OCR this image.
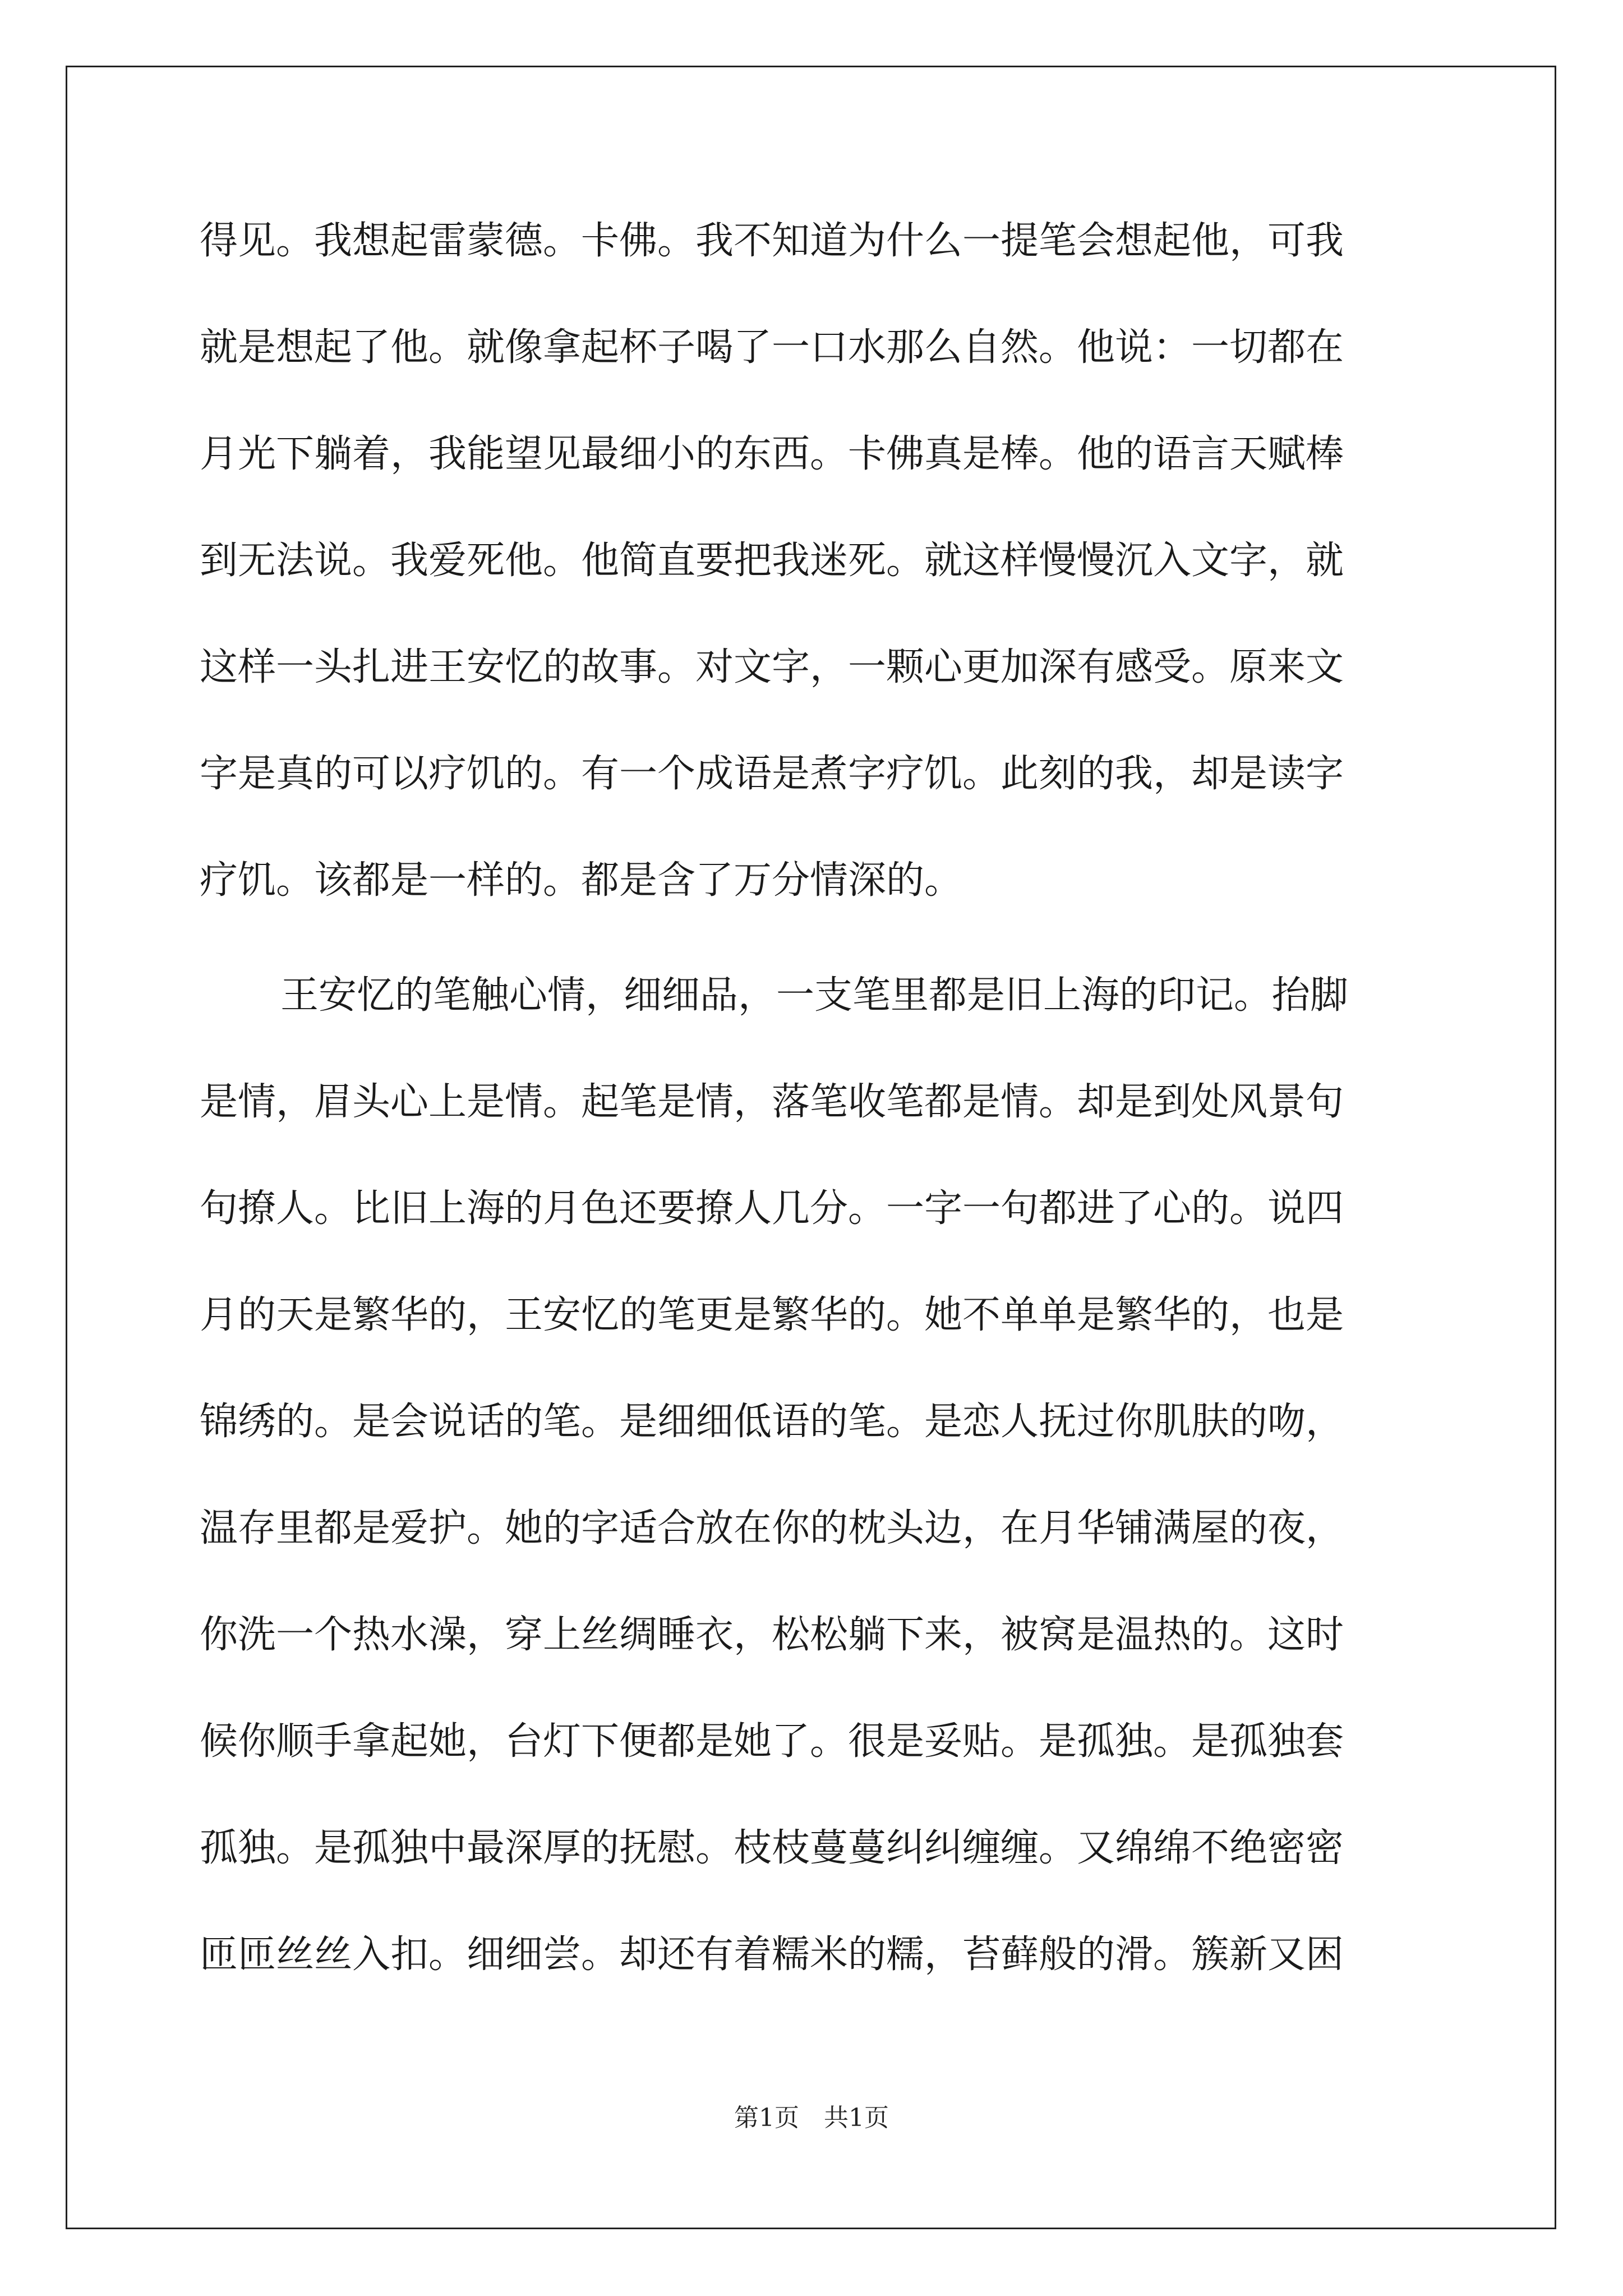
得见。我想起雷蒙德。卡佛。我不知道为什么一提笔会想起他，可我
就是想起了他。就像拿起杯子喝了一口水那么自然。他说：一切都在
月光下躺着，我能望见最细小的东西。卡佛真是棒。他的语言天赋棒
到无法说。我爱死他。他简直要把我迷死。就这样慢慢沉入文字，就
这样一头扎进王安忆的故事。对文字，一颗心更加深有感受。原来文
字是真的可以疗饥的。有一个成语是煮字疗饥。此刻的我，却是读字
疗饥。该都是一样的。都是含了万分情深的。
王安忆的笔触心情，细细品，一支笔里都是旧上海的印记。抬脚
是情，眉头心上是情。起笔是情，落笔收笔都是情。却是到处风景句
句撩人。比旧上海的月色还要撩人几分。一字一句都进了心的。说四
月的天是繁华的，王安忆的笔更是繁华的。她不单单是繁华的，也是
锦绣的。是会说话的笔。是细细低语的笔。是恋人抚过你肌肤的吻，
温存里都是爱护。她的字适合放在你的枕头边，在月华铺满屋的夜，
你洗一个热水澡，穿上丝绸睡衣，松松躺下来，被窝是温热的。这时
候你顺手拿起她，台灯下便都是她了。很是妥贴。是孤独。是孤独套
孤独。是孤独中最深厚的抚慰。枝枝蔓蔓纠纠缠缠。又绵绵不绝密密
匝匝丝丝入扣。细细尝。却还有着糯米的糯，苔藓般的滑。簇新又困
第1页　共1页
